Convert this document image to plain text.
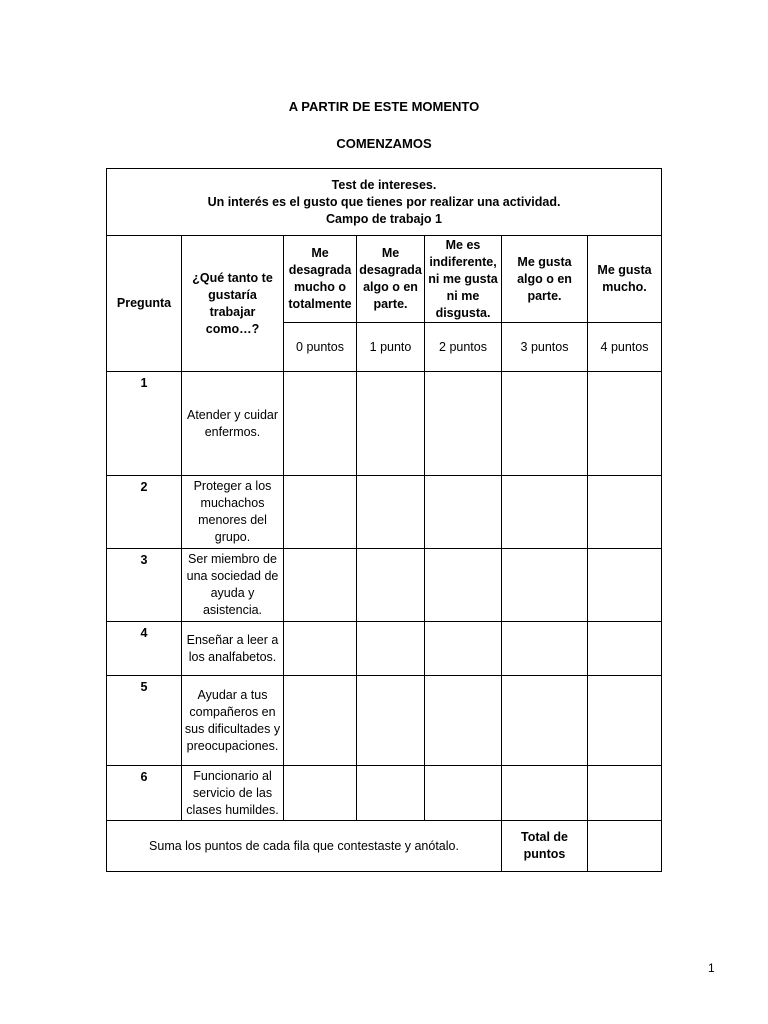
A PARTIR DE ESTE MOMENTO
COMENZAMOS
Test de intereses.
Un interés es el gusto que tienes por realizar una actividad.
Campo de trabajo 1						

Pregunta	¿Qué tanto te gustaría trabajar como…?	Me desagrada mucho o totalmente	Me desagrada algo o en parte.	Me es indiferente, ni me gusta ni me disgusta.	Me gusta algo o en parte.	Me gusta mucho.
		0 puntos	1 punto	2 puntos	3 puntos	4 puntos
1	Atender y cuidar enfermos.					
2	Proteger a los muchachos menores del grupo.					
3	Ser miembro de una sociedad de ayuda y asistencia.					
4	Enseñar a leer a los analfabetos.					
5	Ayudar a tus compañeros en sus dificultades y preocupaciones.					
6	Funcionario al servicio de las clases humildes.					
Suma los puntos de cada fila que contestaste y anótalo.					Total de puntos	
1
